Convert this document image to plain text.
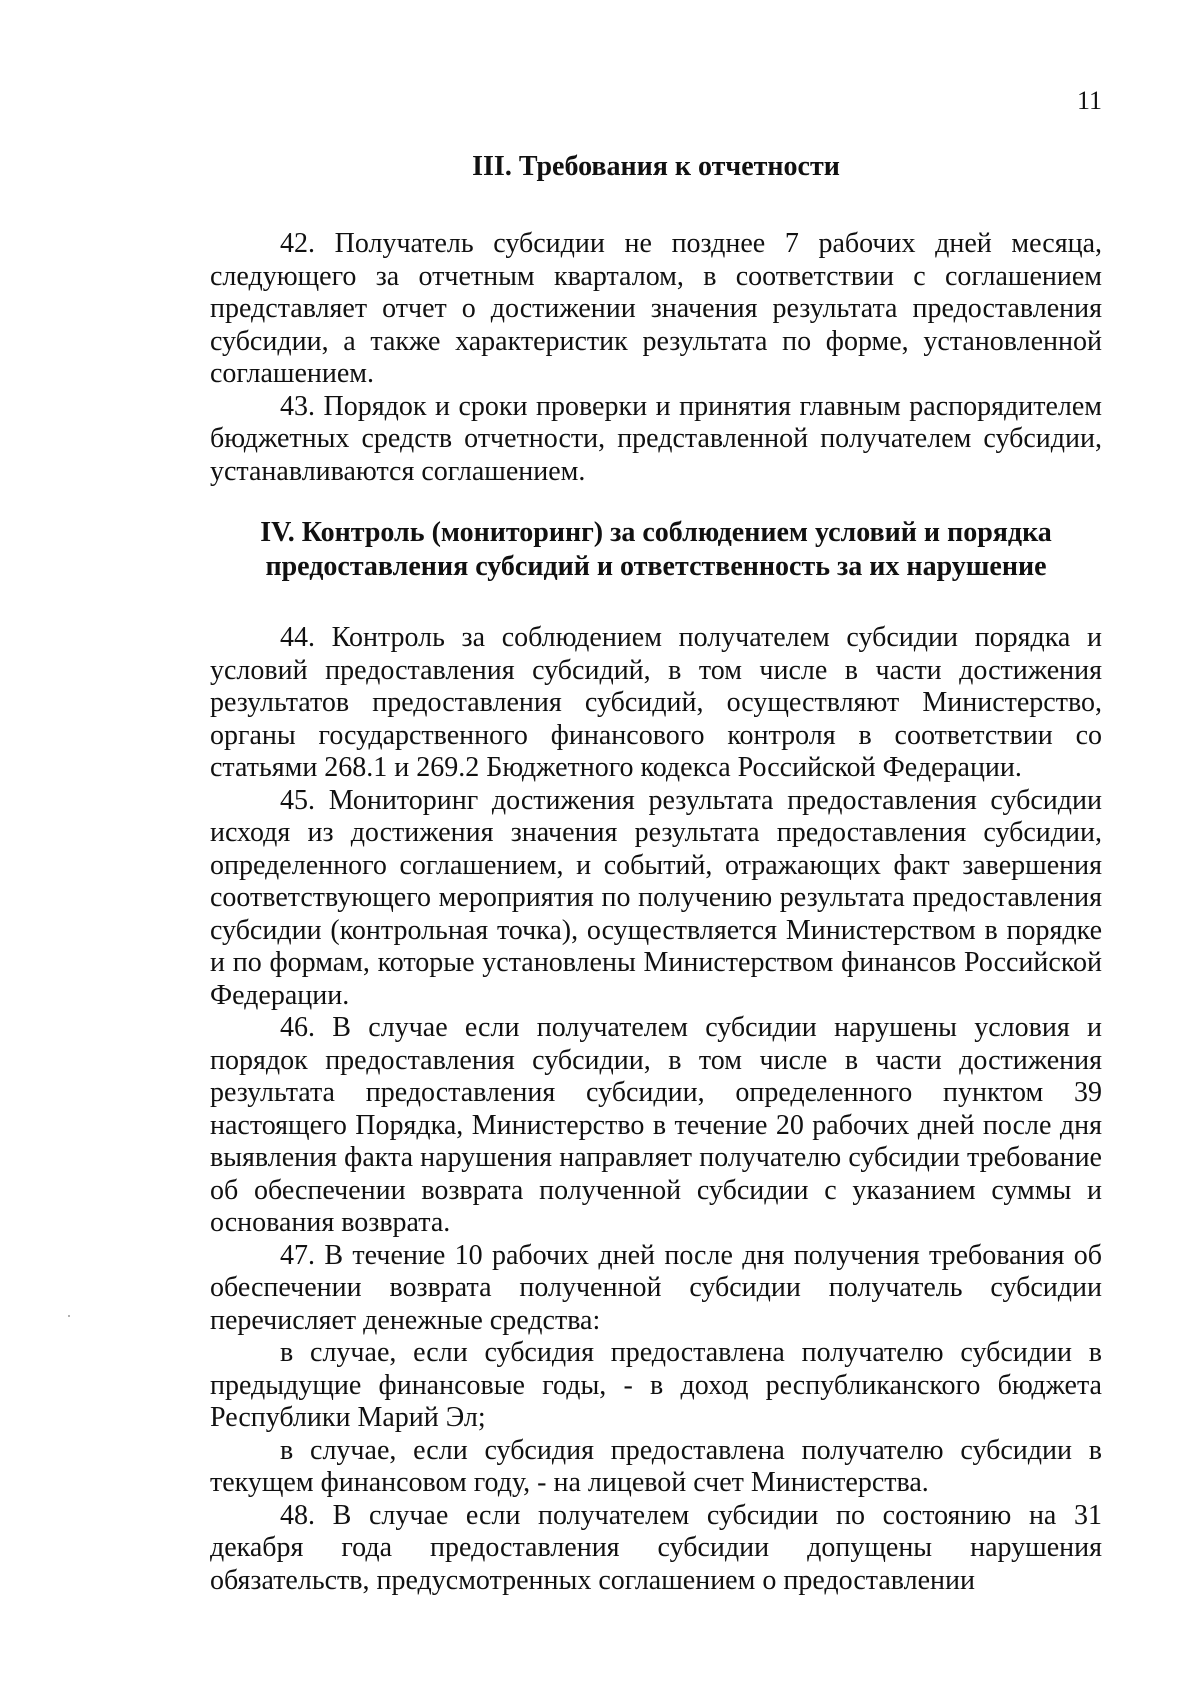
11

III. Требования к отчетности

42. Получатель субсидии не позднее 7 рабочих дней месяца, следующего за отчетным кварталом, в соответствии с соглашением представляет отчет о достижении значения результата предоставления субсидии, а также характеристик результата по форме, установленной соглашением.

43. Порядок и сроки проверки и принятия главным распорядителем бюджетных средств отчетности, представленной получателем субсидии, устанавливаются соглашением.

IV. Контроль (мониторинг) за соблюдением условий и порядка
предоставления субсидий и ответственность за их нарушение

44. Контроль за соблюдением получателем субсидии порядка и условий предоставления субсидий, в том числе в части достижения результатов предоставления субсидий, осуществляют Министерство, органы государственного финансового контроля в соответствии со статьями 268.1 и 269.2 Бюджетного кодекса Российской Федерации.

45. Мониторинг достижения результата предоставления субсидии исходя из достижения значения результата предоставления субсидии, определенного соглашением, и событий, отражающих факт завершения соответствующего мероприятия по получению результата предоставления субсидии (контрольная точка), осуществляется Министерством в порядке и по формам, которые установлены Министерством финансов Российской Федерации.

46. В случае если получателем субсидии нарушены условия и порядок предоставления субсидии, в том числе в части достижения результата предоставления субсидии, определенного пунктом 39 настоящего Порядка, Министерство в течение 20 рабочих дней после дня выявления факта нарушения направляет получателю субсидии требование об обеспечении возврата полученной субсидии с указанием суммы и основания возврата.

47. В течение 10 рабочих дней после дня получения требования об обеспечении возврата полученной субсидии получатель субсидии перечисляет денежные средства:

в случае, если субсидия предоставлена получателю субсидии в предыдущие финансовые годы, - в доход республиканского бюджета Республики Марий Эл;

в случае, если субсидия предоставлена получателю субсидии в текущем финансовом году, - на лицевой счет Министерства.

48. В случае если получателем субсидии по состоянию на 31 декабря года предоставления субсидии допущены нарушения обязательств, предусмотренных соглашением о предоставлении
